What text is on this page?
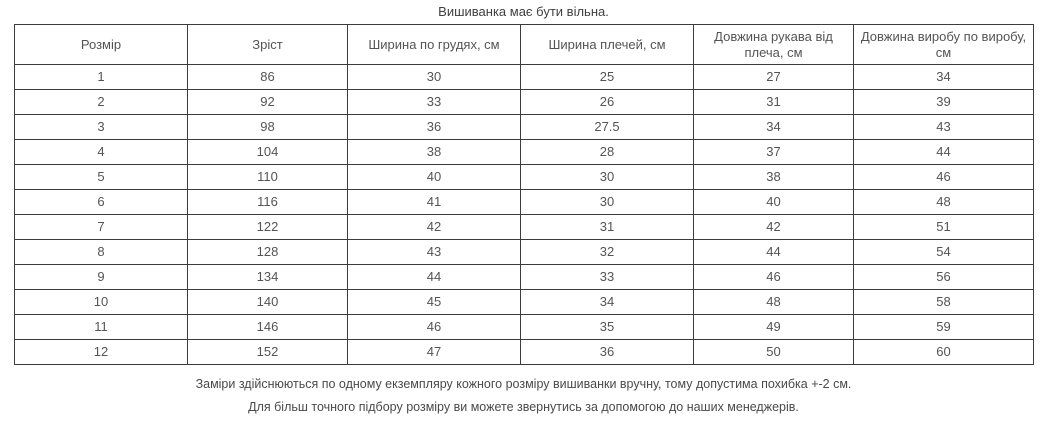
Вишиванка має бути вільна.
Розмір	Зріст	Ширина по грудях, см	Ширина плечей, см	Довжина рукава від плеча, см	Довжина виробу по виробу, см
1	86	30	25	27	34
2	92	33	26	31	39
3	98	36	27.5	34	43
4	104	38	28	37	44
5	110	40	30	38	46
6	116	41	30	40	48
7	122	42	31	42	51
8	128	43	32	44	54
9	134	44	33	46	56
10	140	45	34	48	58
11	146	46	35	49	59
12	152	47	36	50	60
Заміри здійснюються по одному екземпляру кожного розміру вишиванки вручну, тому допустима похибка +-2 см.
Для більш точного підбору розміру ви можете звернутись за допомогою до наших менеджерів.
